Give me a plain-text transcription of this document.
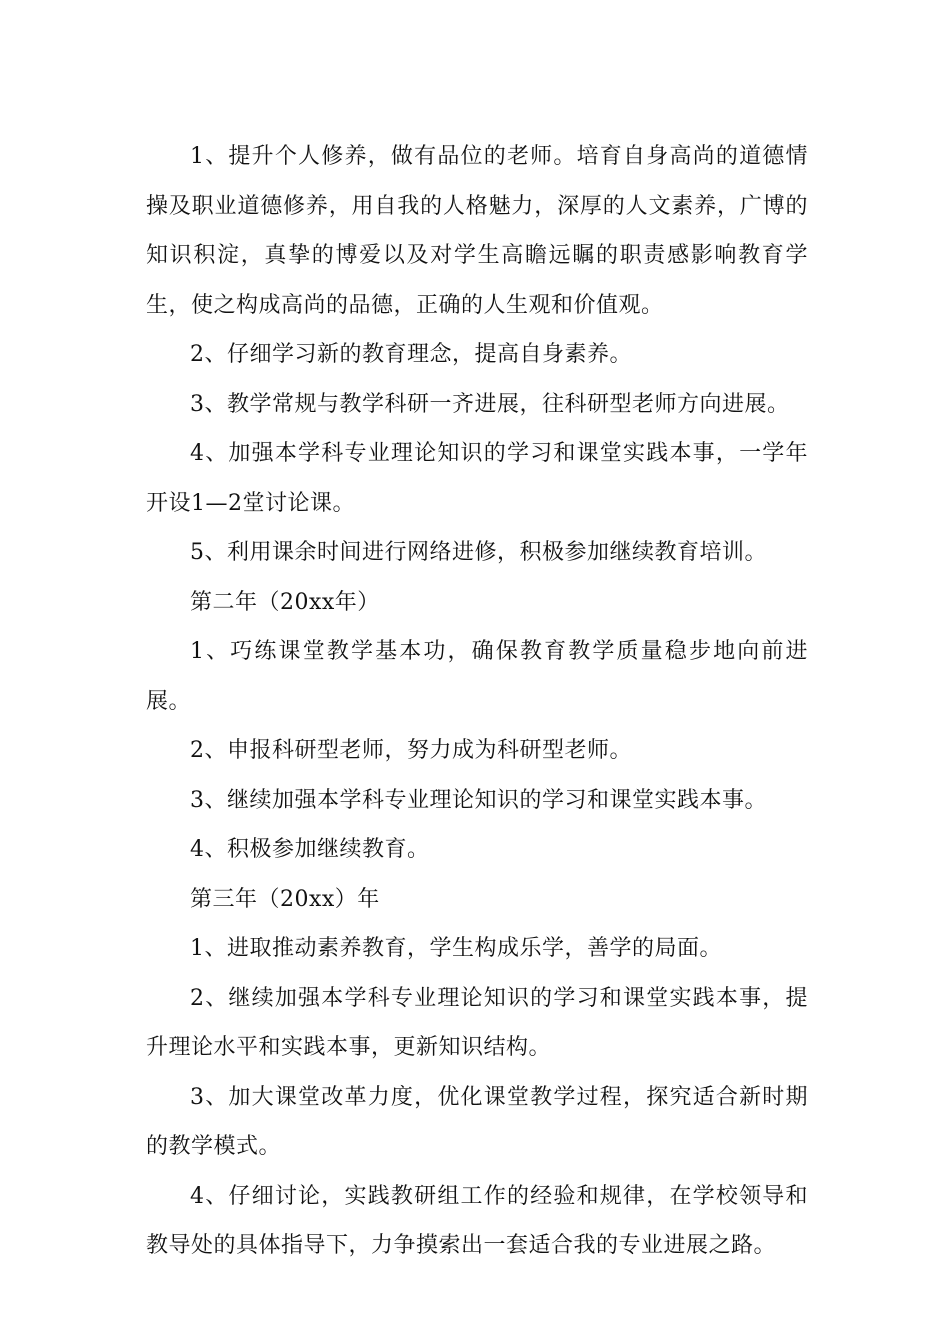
1、提升个人修养，做有品位的老师。培育自身高尚的道德情操及职业道德修养，用自我的人格魅力，深厚的人文素养，广博的知识积淀，真挚的博爱以及对学生高瞻远瞩的职责感影响教育学生，使之构成高尚的品德，正确的人生观和价值观。

2、仔细学习新的教育理念，提高自身素养。

3、教学常规与教学科研一齐进展，往科研型老师方向进展。

4、加强本学科专业理论知识的学习和课堂实践本事，一学年开设1—2堂讨论课。

5、利用课余时间进行网络进修，积极参加继续教育培训。

第二年（20xx年）

1、巧练课堂教学基本功，确保教育教学质量稳步地向前进展。

2、申报科研型老师，努力成为科研型老师。

3、继续加强本学科专业理论知识的学习和课堂实践本事。

4、积极参加继续教育。

第三年（20xx）年

1、进取推动素养教育，学生构成乐学，善学的局面。

2、继续加强本学科专业理论知识的学习和课堂实践本事，提升理论水平和实践本事，更新知识结构。

3、加大课堂改革力度，优化课堂教学过程，探究适合新时期的教学模式。

4、仔细讨论，实践教研组工作的经验和规律，在学校领导和教导处的具体指导下，力争摸索出一套适合我的专业进展之路。
